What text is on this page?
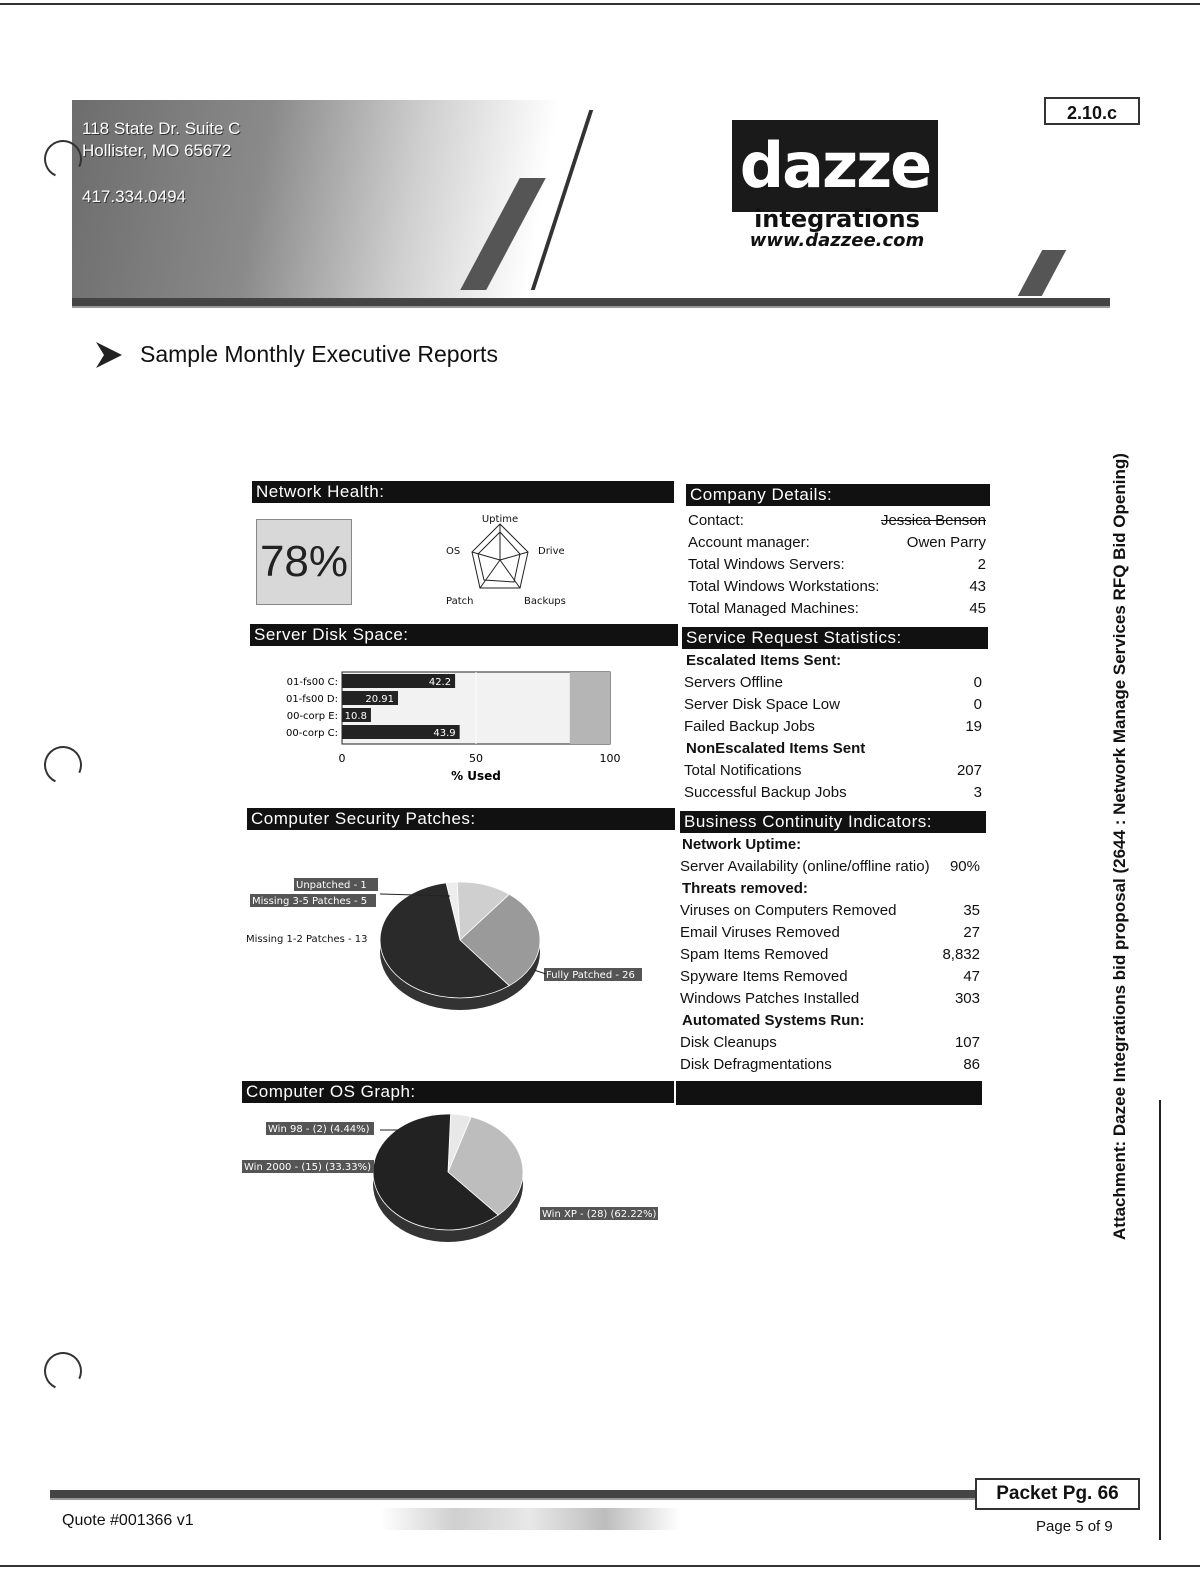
118 State Dr. Suite C
Hollister, MO 65672
417.334.0494	dazze
integrations
www.dazzee.com
2.10.c
Sample Monthly Executive Reports
Attachment: Dazee Integrations bid proposal (2644 : Network Manage Services RFQ Bid Opening)
Network Health:
78%
Uptime
Drive
Backups
Patch
OS
Company Details:
Contact:	Jessica Benson
Account manager:	Owen Parry
Total Windows Servers:	2
Total Windows Workstations:	43
Total Managed Machines:	45
Server Disk Space:
01-fs00 C:	42.2
01-fs00 D:	20.91
00-corp E: 10.8
00-corp C:	43.9
0	50	100
% Used
Service Request Statistics:
Escalated Items Sent:
Servers Offline	0
Server Disk Space Low	0
Failed Backup Jobs	19
NonEscalated Items Sent
Total Notifications	207
Successful Backup Jobs	3
Computer Security Patches:
Unpatched - 1
Missing 3-5 Patches - 5
Missing 1-2 Patches - 13
Fully Patched - 26
Business Continuity Indicators:
Network Uptime:
Server Availability (online/offline ratio)	90%
Threats removed:
Viruses on Computers Removed	35
Email Viruses Removed	27
Spam Items Removed	8,832
Spyware Items Removed	47
Windows Patches Installed	303
Automated Systems Run:
Disk Cleanups	107
Disk Defragmentations	86
Computer OS Graph:
Win 98 - (2) (4.44%)
Win 2000 - (15) (33.33%)
Win XP - (28) (62.22%)
Packet Pg. 66
Quote #001366 v1	Page 5 of 9
